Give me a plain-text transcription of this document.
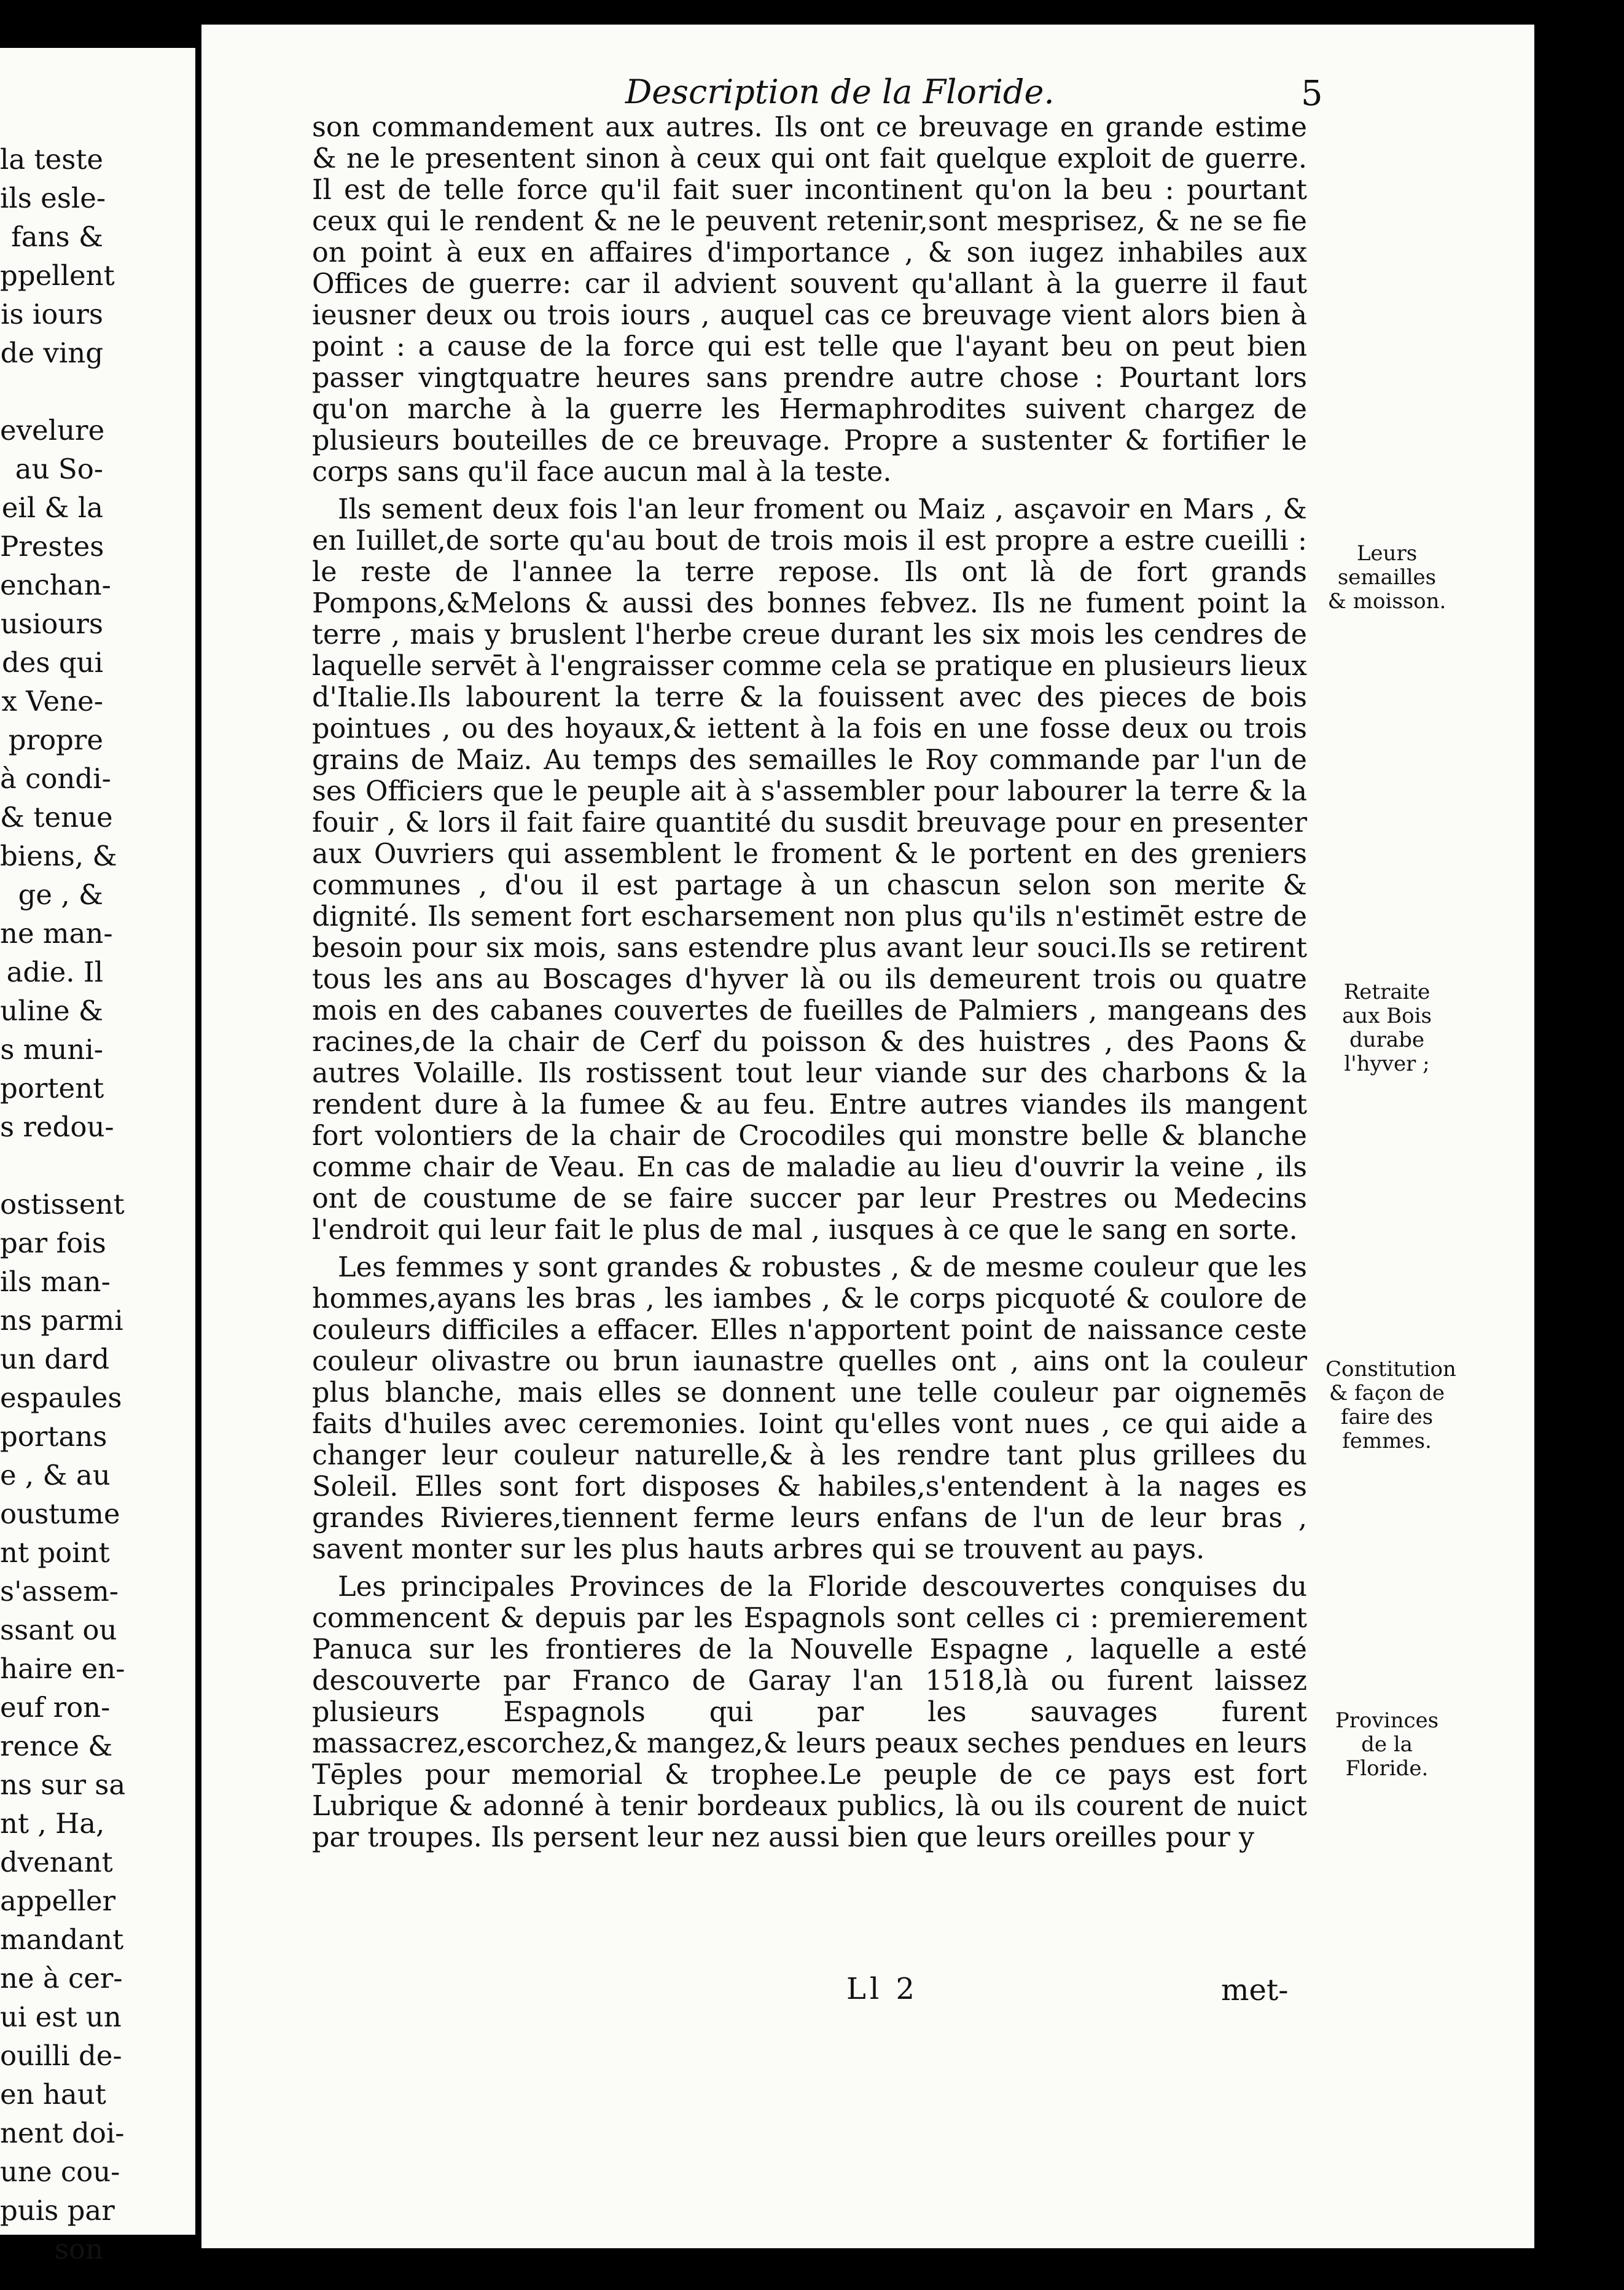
la teste
ils esle-
fans &
ppellent
is iours
de ving
evelure
au So-
eil & la
Prestes
enchan-
usiours
des qui
x Vene-
propre
à condi-
& tenue
biens, &
ge , &
ne man-
adie. Il
uline &
s muni-
portent
s redou-
ostissent
par fois
ils man-
ns parmi
un dard
espaules
portans
e , & au
oustume
nt point
s'assem-
ssant ou
haire en-
euf ron-
rence &
ns sur sa
nt , Ha,
dvenant
appeller
mandant
ne à cer-
ui est un
ouilli de-
en haut
nent doi-
une cou-
puis par
son
Description de la Floride.	5

son commandement aux autres. Ils ont ce breuvage en grande estime & ne le presentent sinon à ceux qui ont fait quelque exploit de guerre. Il est de telle force qu'il fait suer incontinent qu'on la beu : pourtant ceux qui le rendent & ne le peuvent retenir,sont mesprisez, & ne se fie on point à eux en affaires d'importance , & son iugez inhabiles aux Offices de guerre: car il advient souvent qu'allant à la guerre il faut ieusner deux ou trois iours , auquel cas ce breuvage vient alors bien à point : a cause de la force qui est telle que l'ayant beu on peut bien passer vingtquatre heures sans prendre autre chose : Pourtant lors qu'on marche à la guerre les Hermaphrodites suivent chargez de plusieurs bouteilles de ce breuvage. Propre a sustenter & fortifier le corps sans qu'il face aucun mal à la teste.

Ils sement deux fois l'an leur froment ou Maiz , asçavoir en Mars , & en Iuillet,de sorte qu'au bout de trois mois il est propre a estre cueilli : le reste de l'annee la terre repose. Ils ont là de fort grands Pompons,&Melons & aussi des bonnes febvez. Ils ne fument point la terre , mais y bruslent l'herbe creue durant les six mois les cendres de laquelle servēt à l'engraisser comme cela se pratique en plusieurs lieux d'Italie.Ils labourent la terre & la fouissent avec des pieces de bois pointues , ou des hoyaux,& iettent à la fois en une fosse deux ou trois grains de Maiz. Au temps des semailles le Roy commande par l'un de ses Officiers que le peuple ait à s'assembler pour labourer la terre & la fouir , & lors il fait faire quantité du susdit breuvage pour en presenter aux Ouvriers qui assemblent le froment & le portent en des greniers communes , d'ou il est partage à un chascun selon son merite & dignité. Ils sement fort escharsement non plus qu'ils n'estimēt estre de besoin pour six mois, sans estendre plus avant leur souci.Ils se retirent tous les ans au Boscages d'hyver là ou ils demeurent trois ou quatre mois en des cabanes couvertes de fueilles de Palmiers , mangeans des racines,de la chair de Cerf du poisson & des huistres , des Paons & autres Volaille. Ils rostissent tout leur viande sur des charbons & la rendent dure à la fumee & au feu. Entre autres viandes ils mangent fort volontiers de la chair de Crocodiles qui monstre belle & blanche comme chair de Veau. En cas de maladie au lieu d'ouvrir la veine , ils ont de coustume de se faire succer par leur Prestres ou Medecins l'endroit qui leur fait le plus de mal , iusques à ce que le sang en sorte.

Les femmes y sont grandes & robustes , & de mesme couleur que les hommes,ayans les bras , les iambes , & le corps picquoté & coulore de couleurs difficiles a effacer. Elles n'apportent point de naissance ceste couleur olivastre ou brun iaunastre quelles ont , ains ont la couleur plus blanche, mais elles se donnent une telle couleur par oignemēs faits d'huiles avec ceremonies. Ioint qu'elles vont nues , ce qui aide a changer leur couleur naturelle,& à les rendre tant plus grillees du Soleil. Elles sont fort disposes & habiles,s'entendent à la nages es grandes Rivieres,tiennent ferme leurs enfans de l'un de leur bras , savent monter sur les plus hauts arbres qui se trouvent au pays.

Les principales Provinces de la Floride descouvertes conquises du commencent & depuis par les Espagnols sont celles ci : premierement Panuca sur les frontieres de la Nouvelle Espagne , laquelle a esté descouverte par Franco de Garay l'an 1518,là ou furent laissez plusieurs Espagnols qui par les sauvages furent massacrez,escorchez,& mangez,& leurs peaux seches pendues en leurs Tēples pour memorial & trophee.Le peuple de ce pays est fort Lubrique & adonné à tenir bordeaux publics, là ou ils courent de nuict par troupes. Ils persent leur nez aussi bien que leurs oreilles pour y

Leurs semailles & moisson.
Retraite aux Bois durabe l'hyver ;
Constitution & façon de faire des femmes.
Provinces de la Floride.
Ll 2	met-
